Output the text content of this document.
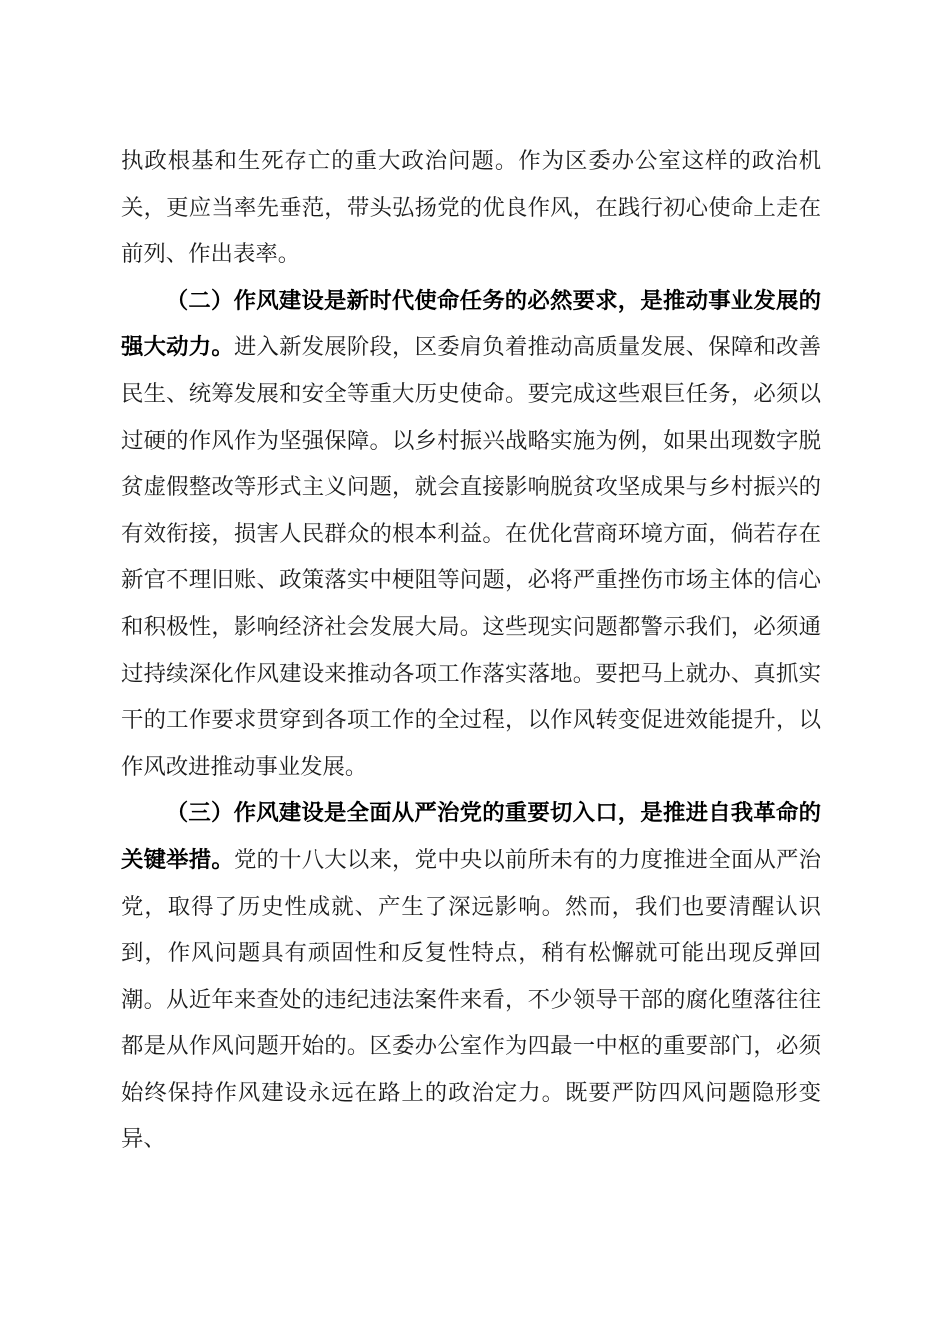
执政根基和生死存亡的重大政治问题。作为区委办公室这样的政治机关，更应当率先垂范，带头弘扬党的优良作风，在践行初心使命上走在前列、作出表率。

（二）作风建设是新时代使命任务的必然要求，是推动事业发展的强大动力。进入新发展阶段，区委肩负着推动高质量发展、保障和改善民生、统筹发展和安全等重大历史使命。要完成这些艰巨任务，必须以过硬的作风作为坚强保障。以乡村振兴战略实施为例，如果出现数字脱贫虚假整改等形式主义问题，就会直接影响脱贫攻坚成果与乡村振兴的有效衔接，损害人民群众的根本利益。在优化营商环境方面，倘若存在新官不理旧账、政策落实中梗阻等问题，必将严重挫伤市场主体的信心和积极性，影响经济社会发展大局。这些现实问题都警示我们，必须通过持续深化作风建设来推动各项工作落实落地。要把马上就办、真抓实干的工作要求贯穿到各项工作的全过程，以作风转变促进效能提升，以作风改进推动事业发展。

（三）作风建设是全面从严治党的重要切入口，是推进自我革命的关键举措。党的十八大以来，党中央以前所未有的力度推进全面从严治党，取得了历史性成就、产生了深远影响。然而，我们也要清醒认识到，作风问题具有顽固性和反复性特点，稍有松懈就可能出现反弹回潮。从近年来查处的违纪违法案件来看，不少领导干部的腐化堕落往往都是从作风问题开始的。区委办公室作为四最一中枢的重要部门，必须始终保持作风建设永远在路上的政治定力。既要严防四风问题隐形变异、
